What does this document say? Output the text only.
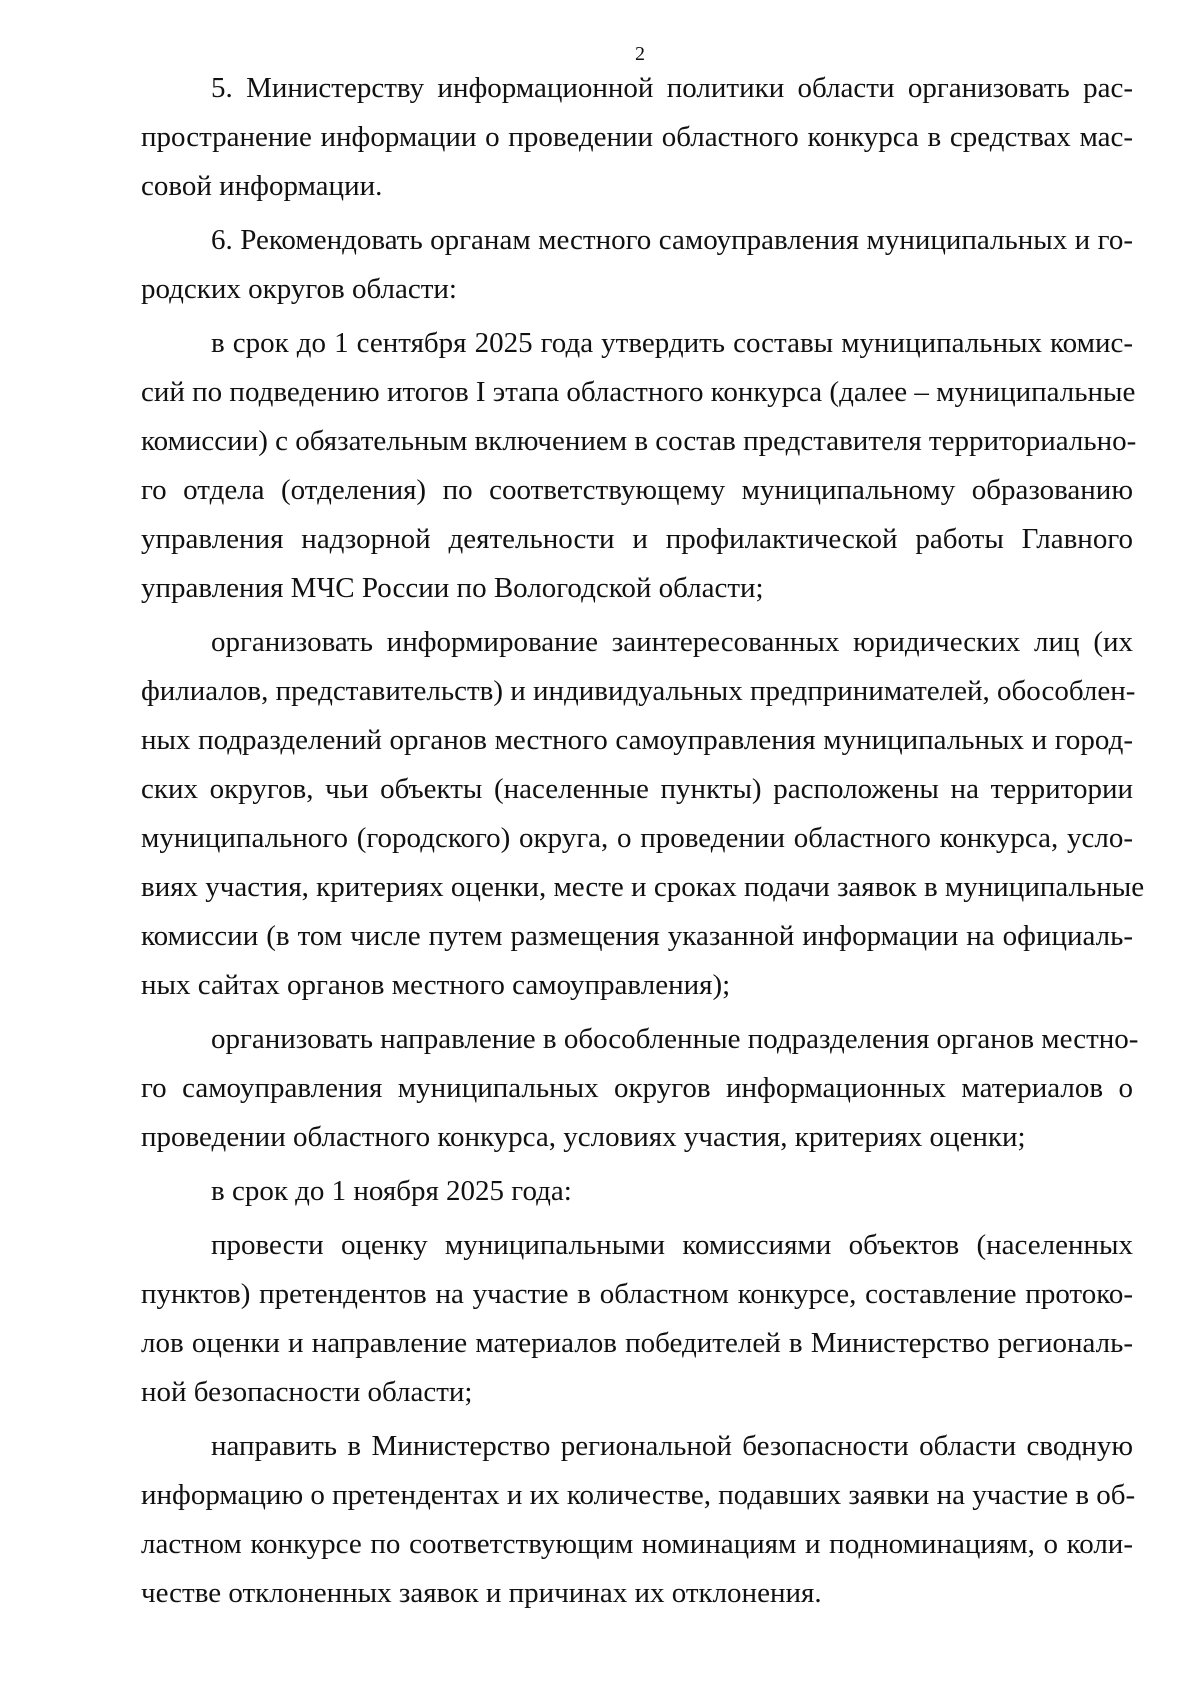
2
5. Министерству информационной политики области организовать рас-
пространение информации о проведении областного конкурса в средствах мас-
совой информации.
6. Рекомендовать органам местного самоуправления муниципальных и го-
родских округов области:
в срок до 1 сентября 2025 года утвердить составы муниципальных комис-
сий по подведению итогов I этапа областного конкурса (далее – муниципальные
комиссии) с обязательным включением в состав представителя территориально-
го отдела (отделения) по соответствующему муниципальному образованию
управления надзорной деятельности и профилактической работы Главного
управления МЧС России по Вологодской области;
организовать информирование заинтересованных юридических лиц (их
филиалов, представительств) и индивидуальных предпринимателей, обособлен-
ных подразделений органов местного самоуправления муниципальных и город-
ских округов, чьи объекты (населенные пункты) расположены на территории
муниципального (городского) округа, о проведении областного конкурса, усло-
виях участия, критериях оценки, месте и сроках подачи заявок в муниципальные
комиссии (в том числе путем размещения указанной информации на официаль-
ных сайтах органов местного самоуправления);
организовать направление в обособленные подразделения органов местно-
го самоуправления муниципальных округов информационных материалов о
проведении областного конкурса, условиях участия, критериях оценки;
в срок до 1 ноября 2025 года:
провести оценку муниципальными комиссиями объектов (населенных
пунктов) претендентов на участие в областном конкурсе, составление протоко-
лов оценки и направление материалов победителей в Министерство региональ-
ной безопасности области;
направить в Министерство региональной безопасности области сводную
информацию о претендентах и их количестве, подавших заявки на участие в об-
ластном конкурсе по соответствующим номинациям и подноминациям, о коли-
честве отклоненных заявок и причинах их отклонения.
